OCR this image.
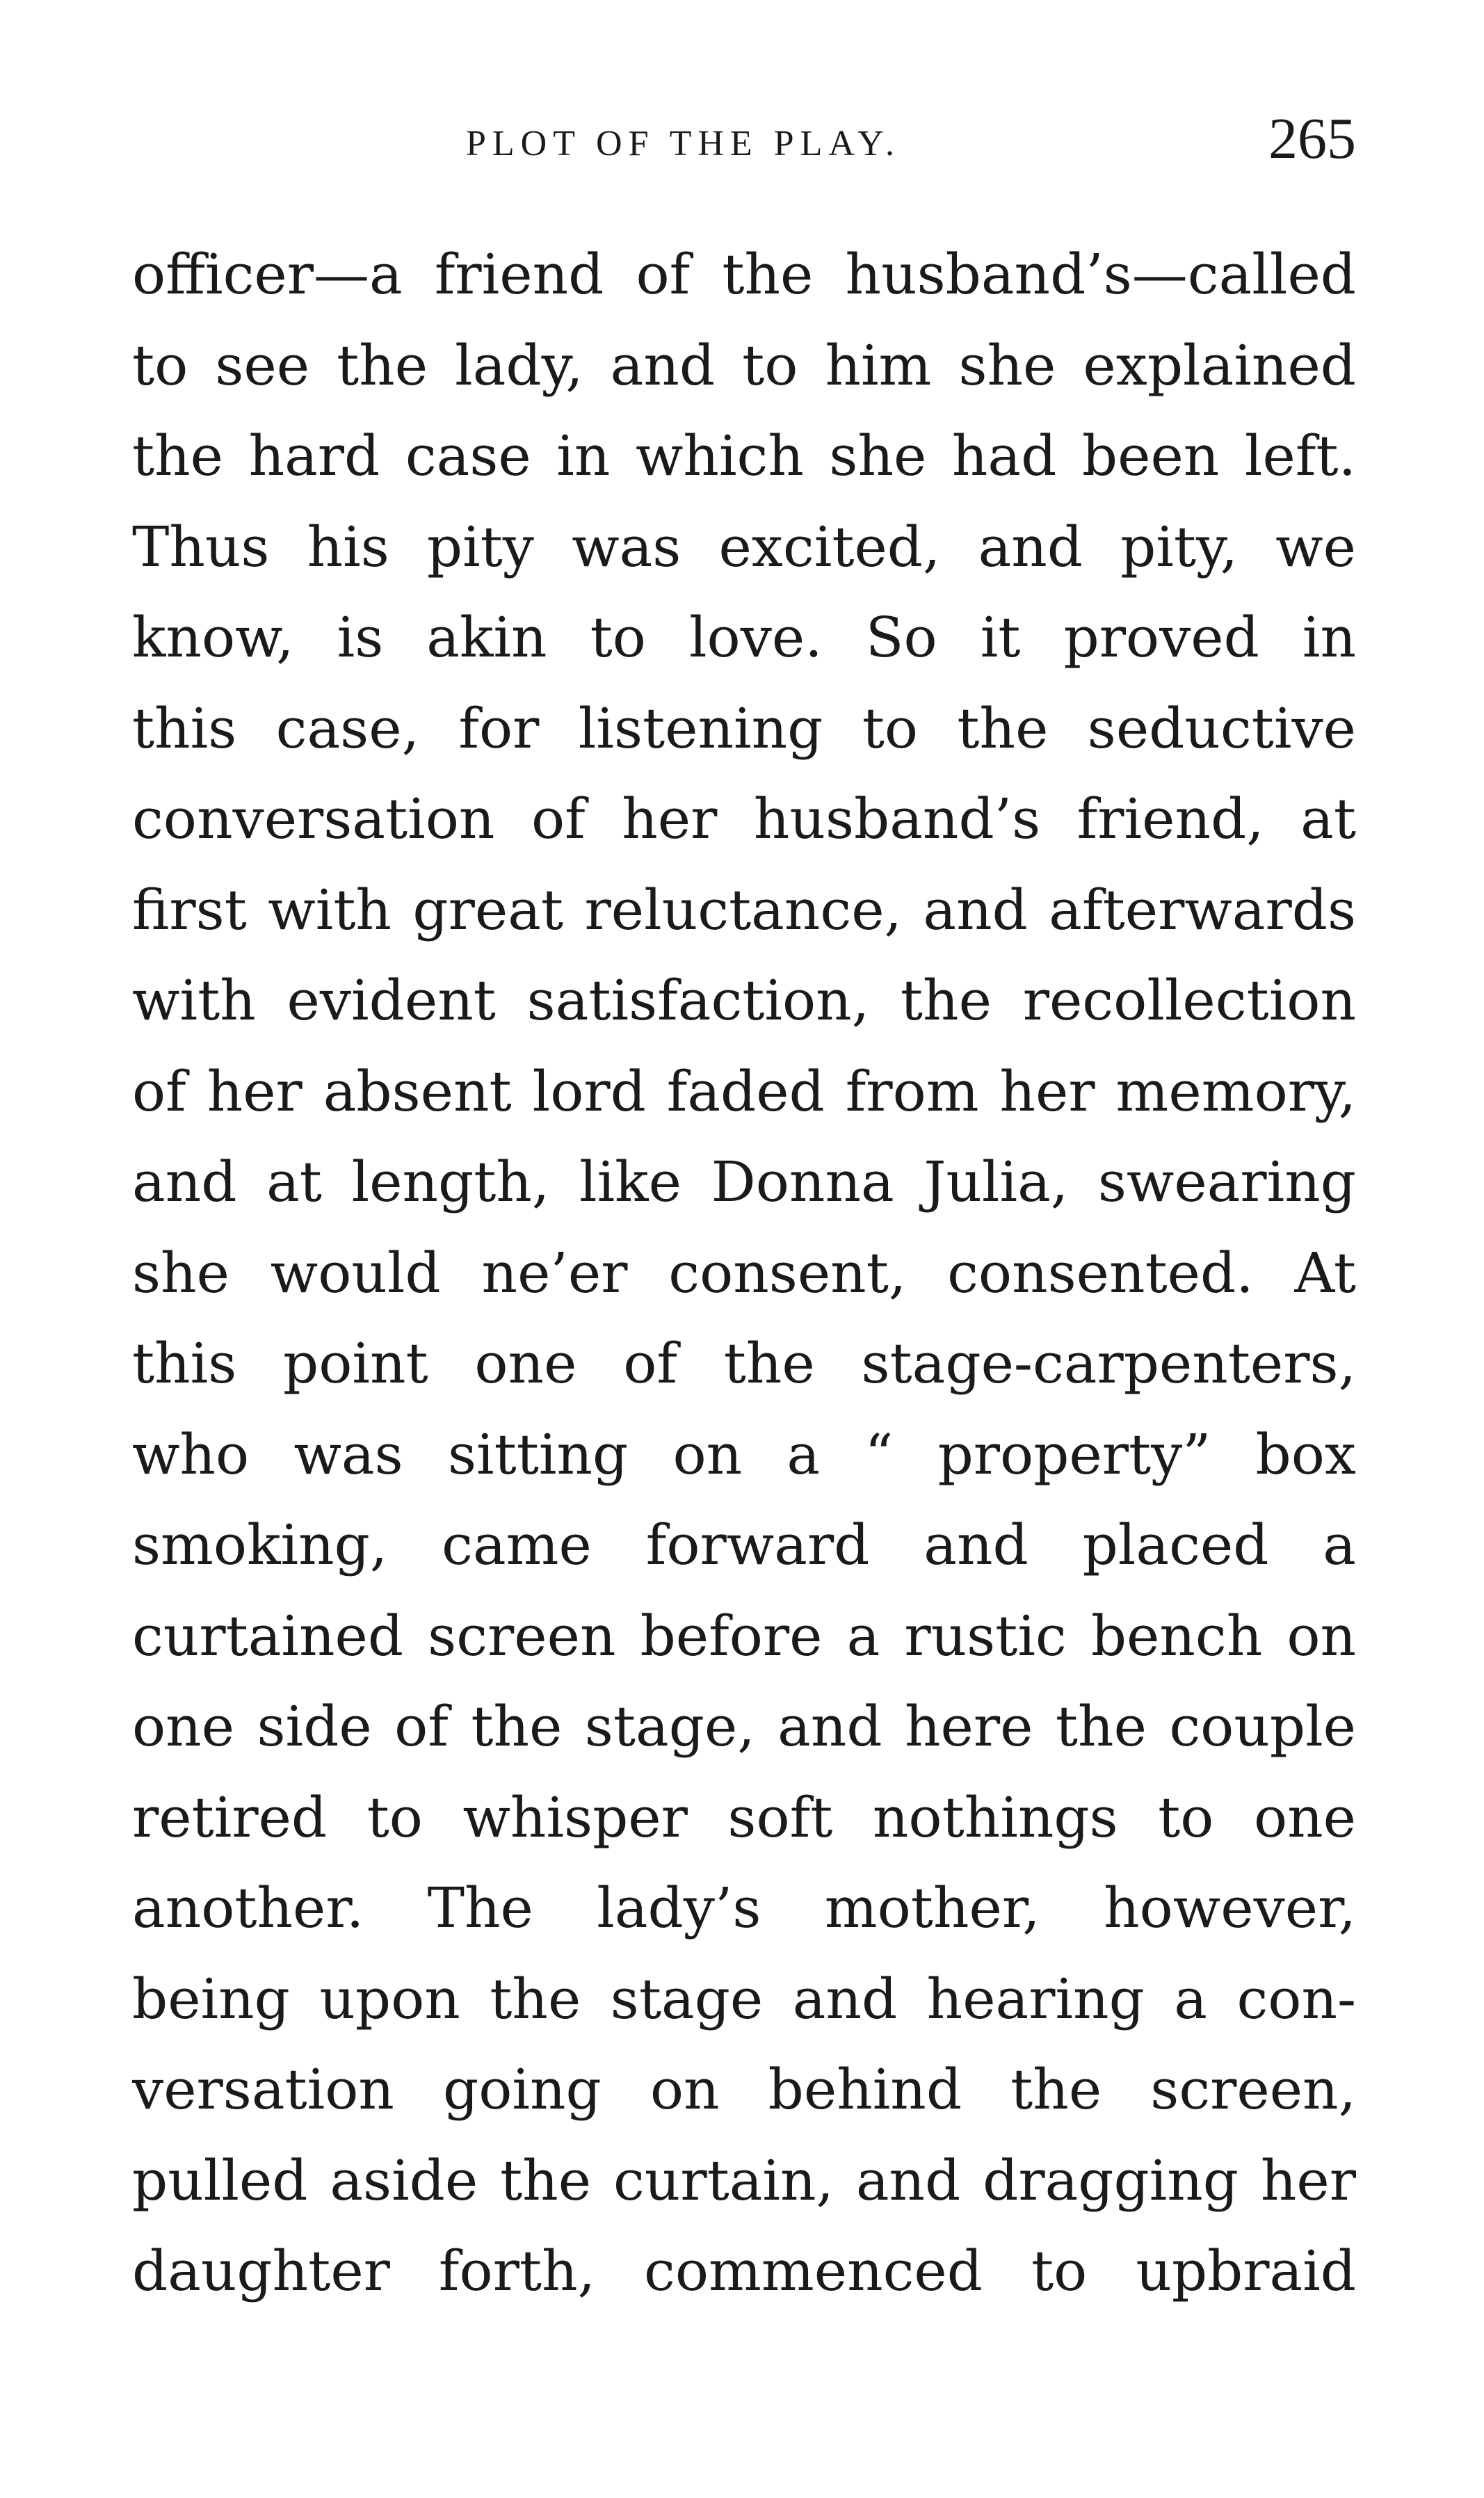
PLOT OF THE PLAY.	265
officer—a friend of the husband’s—called
to see the lady, and to him she explained
the hard case in which she had been left.
Thus his pity was excited, and pity, we
know, is akin to love. So it proved in
this case, for listening to the seductive
conversation of her husband’s friend, at
first with great reluctance, and afterwards
with evident satisfaction, the recollection
of her absent lord faded from her memory,
and at length, like Donna Julia, swearing
she would ne’er consent, consented. At
this point one of the stage-carpenters,
who was sitting on a “ property” box
smoking, came forward and placed a
curtained screen before a rustic bench on
one side of the stage, and here the couple
retired to whisper soft nothings to one
another. The lady’s mother, however,
being upon the stage and hearing a con-
versation going on behind the screen,
pulled aside the curtain, and dragging her
daughter forth, commenced to upbraid
